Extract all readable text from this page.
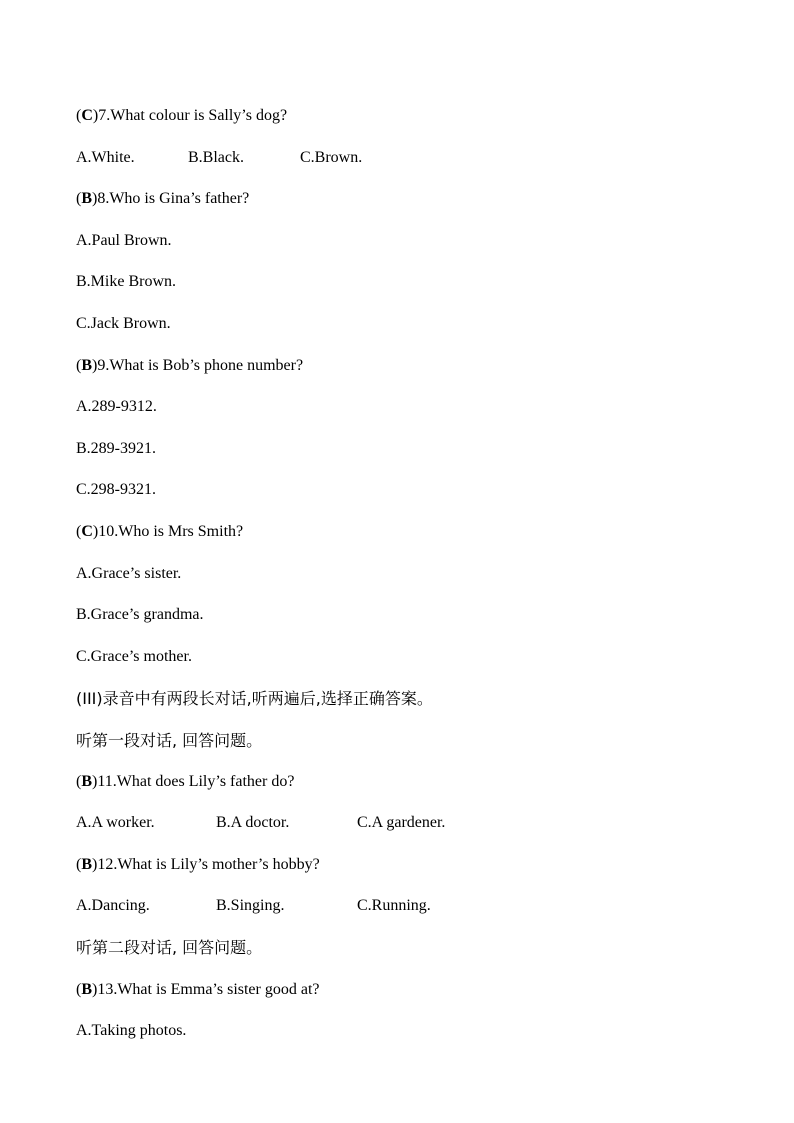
(C)7.What colour is Sally’s dog?
A.White.	B.Black.	C.Brown.
(B)8.Who is Gina’s father?
A.Paul Brown.
B.Mike Brown.
C.Jack Brown.
(B)9.What is Bob’s phone number?
A.289-9312.
B.289-3921.
C.298-9321.
(C)10.Who is Mrs Smith?
A.Grace’s sister.
B.Grace’s grandma.
C.Grace’s mother.
(III)录音中有两段长对话,听两遍后,选择正确答案。
听第一段对话, 回答问题。
(B)11.What does Lily’s father do?
A.A worker.	B.A doctor.	C.A gardener.
(B)12.What is Lily’s mother’s hobby?
A.Dancing.	B.Singing.	C.Running.
听第二段对话, 回答问题。
(B)13.What is Emma’s sister good at?
A.Taking photos.
